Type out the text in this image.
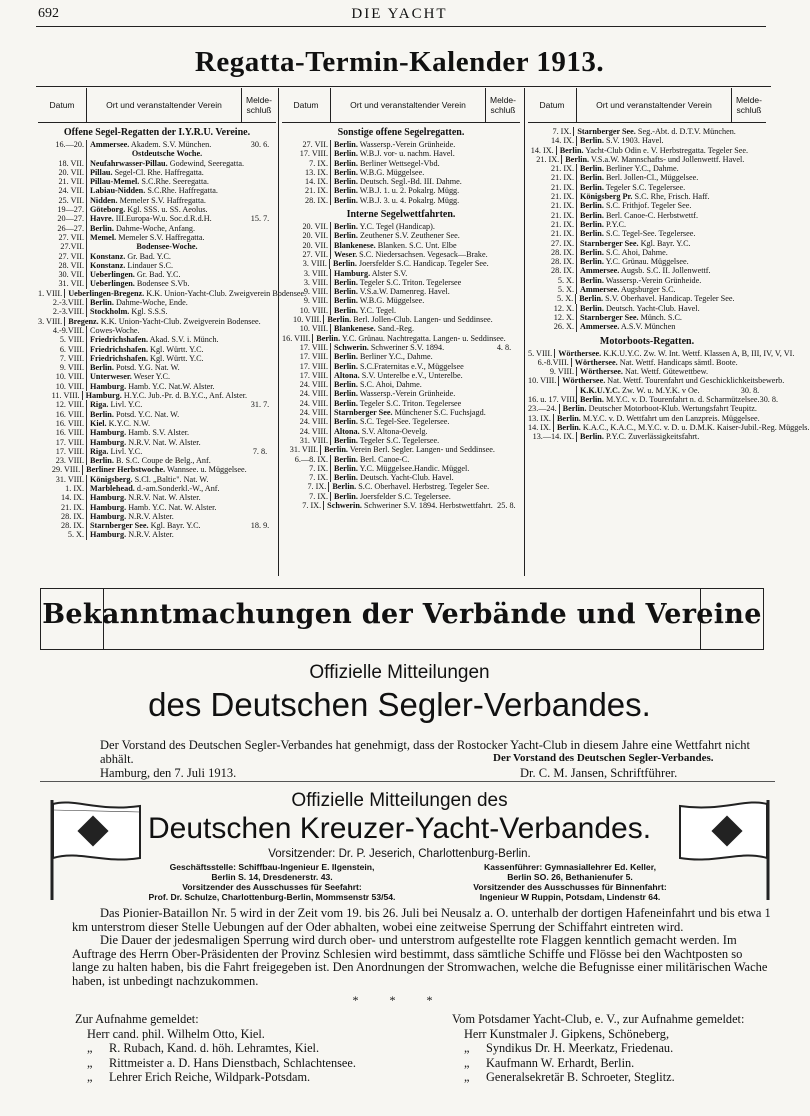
692	DIE YACHT
Regatta-Termin-Kalender 1913.
Datum	Ort und veranstaltender Verein	Melde-schluß
Offene Segel-Regatten der I.Y.R.U. Vereine.
16.—20. Ammersee. Akadem. S.V. München.	30. 6.
Ostdeutsche Woche.
18. VII. Neufahrwasser-Pillau. Godewind, Seeregatta.
20. VII. Pillau. Segel-Cl. Rhe. Haffregatta.
21. VII. Pillau-Memel. S.C.Rhe. Seeregatta.
24. VII. Labiau-Nidden. S.C.Rhe. Haffregatta.
25. VII. Nidden. Memeler S.V. Haffregatta.
19—27. Göteborg. Kgl. SSS. u. SS. Aeolus.
20—27. Havre. III.Europa-W.u. Soc.d.R.d.H.	15. 7.
26—27. Berlin. Dahme-Woche, Anfang.
27. VII. Memel. Memeler S.V. Haffregatta.
27.VII.	Bodensee-Woche.
27. VII. Konstanz. Gr. Bad. Y.C.
28. VII. Konstanz. Lindauer S.C.
30. VII. Ueberlingen. Gr. Bad. Y.C.
31. VII. Ueberlingen. Bodensee S.Vb.
1. VIII. Ueberlingen-Bregenz. K.K. Union-Yacht-Club. Zweigverein Bodensee.
2.-3.VIII. Berlin. Dahme-Woche, Ende.
2.-3.VIII. Stockholm. Kgl. S.S.S.
3. VIII. Bregenz. K.K. Union-Yacht-Club. Zweigverein Bodensee.
4.-9.VIII. Cowes-Woche.
5. VIII. Friedrichshafen. Akad. S.V. i. Münch.
6. VIII. Friedrichshafen. Kgl. Württ. Y.C.
7. VIII. Friedrichshafen. Kgl. Württ. Y.C.
9. VIII. Berlin. Potsd. Y.G. Nat. W.
10. VIII. Unterweser. Weser Y.C.
10. VIII. Hamburg. Hamb. Y.C. Nat.W. Alster.
11. VIII. Hamburg. H.Y.C. Jub.-Pr. d. B.Y.C., Anf. Alster.
12. VIII. Riga. Livl. Y.C.	31. 7.
16. VIII. Berlin. Potsd. Y.C. Nat. W.
16. VIII. Kiel. K.Y.C. N.W.
16. VIII. Hamburg. Hamb. S.V. Alster.
17. VIII. Hamburg. N.R.V. Nat. W. Alster.
17. VIII. Riga. Livl. Y.C.	7. 8.
23. VIII. Berlin. B. S.C. Coupe de Belg., Anf.
29. VIII. Berliner Herbstwoche. Wannsee. u. Müggelsee.
31. VIII. Königsberg. S.Cl. „Baltic". Nat. W.
1. IX. Marblehead. d.-am.Sonderkl.-W., Anf.
14. IX. Hamburg. N.R.V. Nat. W. Alster.
21. IX. Hamburg. Hamb. Y.C. Nat. W. Alster.
28. IX. Hamburg. N.R.V. Alster.
28. IX. Starnberger See. Kgl. Bayr. Y.C.	18. 9.
5. X. Hamburg. N.R.V. Alster.
Datum	Ort und veranstaltender Verein	Melde-schluß
Sonstige offene Segelregatten.
27. VII. Berlin. Wassersp.-Verein Grünheide.
17. VIII. Berlin. W.B.J. vor- u. nachm. Havel.
7. IX. Berlin. Berliner Wettsegel-Vbd.
13. IX. Berlin. W.B.G. Müggelsee.
14. IX. Berlin. Deutsch. Segl.-Bd. III. Dahme.
21. IX. Berlin. W.B.J. 1. u. 2. Pokalrg. Mügg.
28. IX. Berlin. W.B.J. 3. u. 4. Pokalrg. Mügg.
Interne Segelwettfahrten.
20. VII. Berlin. Y.C. Tegel (Handicap).
20. VII. Berlin. Zeuthener S.V. Zeuthener See.
20. VII. Blankenese. Blanken. S.C. Unt. Elbe
27. VII. Weser. S.C. Niedersachsen. Vegesack—Brake.
3. VIII. Berlin. Joersfelder S.C. Handicap. Tegeler See.
3. VIII. Hamburg. Alster S.V.
3. VIII. Berlin. Tegeler S.C. Triton. Tegelersee
9. VIII. Berlin. V.S.a.W. Damenreg. Havel.
9. VIII. Berlin. W.B.G. Müggelsee.
10. VIII. Berlin. Y.C. Tegel.
10. VIII. Berlin. Berl. Jollen-Club. Langen- und Seddinsee.
10. VIII. Blankenese. Sand.-Reg.
16. VIII. Berlin. Y.C. Grünau. Nachtregatta. Langen- u. Seddinsee.
17. VIII. Schwerin. Schweriner S.V. 1894.	4. 8.
17. VIII. Berlin. Berliner Y.C., Dahme.
17. VIII. Berlin. S.C.Fraternitas e.V., Müggelsee
17. VIII. Altona. S.V. Unterelbe e.V., Unterelbe.
24. VIII. Berlin. S.C. Ahoi, Dahme.
24. VIII. Berlin. Wassersp.-Verein Grünheide.
24. VIII. Berlin. Tegeler S.C. Triton. Tegelersee
24. VIII. Starnberger See. Münchener S.C. Fuchsjagd.
24. VIII. Berlin. S.C. Tegel-See. Tegelersee.
24. VIII. Altona. S.V. Altona-Oevelg.
31. VIII. Berlin. Tegeler S.C. Tegelersee.
31. VIII. Berlin. Verein Berl. Segler. Langen- und Seddinsee.
6.—8. IX. Berlin. Berl. Canoe-C.
7. IX. Berlin. Y.C. Müggelsee.Handic. Müggel.
7. IX. Berlin. Deutsch. Yacht-Club. Havel.
7. IX. Berlin. S.C. Oberhavel. Herbstreg. Tegeler See.
7. IX. Berlin. Joersfelder S.C. Tegelersee.
7. IX. Schwerin. Schweriner S.V. 1894. Herbstwettfahrt. 25. 8.
Datum	Ort und veranstaltender Verein	Melde-schluß
7. IX. Starnberger See. Seg.-Abt. d. D.T.V. München.
14. IX. Berlin. S.V. 1903. Havel.
14. IX. Berlin. Yacht-Club Odin e. V. Herbstregatta. Tegeler See.
21. IX. Berlin. V.S.a.W. Mannschafts- und Jollenwettf. Havel.
21. IX. Berlin. Berliner Y.C., Dahme.
21. IX. Berlin. Berl. Jollen-Cl., Müggelsee.
21. IX. Berlin. Tegeler S.C. Tegelersee.
21. IX. Königsberg Pr. S.C. Rhe, Frisch. Haff.
21. IX. Berlin. S.C. Frithjof. Tegeler See.
21. IX. Berlin. Berl. Canoe-C. Herbstwettf.
21. IX. Berlin. P.Y.C.
21. IX. Berlin. S.C. Tegel-See. Tegelersee.
27. IX. Starnberger See. Kgl. Bayr. Y.C.
28. IX. Berlin. S.C. Ahoi, Dahme.
28. IX. Berlin. Y.C. Grünau. Müggelsee.
28. IX. Ammersee. Augsb. S.C. II. Jollenwettf.
5. X. Berlin. Wassersp.-Verein Grünheide.
5. X. Ammersee. Augsburger S.C.
5. X. Berlin. S.V. Oberhavel. Handicap. Tegeler See.
12. X. Berlin. Deutsch. Yacht-Club. Havel.
12. X. Starnberger See. Münch. S.C.
26. X. Ammersee. A.S.V. München
Motorboots-Regatten.
5. VIII. Wörthersee. K.K.U.Y.C. Zw. W. Int. Wettf. Klassen A, B, III, IV, V, VI.
6.-8.VIII. Wörthersee. Nat. Wettf. Handicaps sämtl. Boote.
9. VIII. Wörthersee. Nat. Wettf. Gütewettbew.
10. VIII. Wörthersee. Nat. Wettf. Tourenfahrt und Geschicklichkeitsbewerb.
K.K.U.Y.C. Zw. W. u. M.Y.K. v Oe.	30. 8.
16. u. 17. VIII. Berlin. M.Y.C. v. D. Tourenfahrt n. d. Scharmützelsee. 30. 8.
23.—24. Berlin. Deutscher Motorboot-Klub. Wertungsfahrt Teupitz.
13. IX. Berlin. M.Y.C. v. D. Wettfahrt um den Lanzpreis. Müggelsee.
14. IX. Berlin. K.A.C., K.A.C., M.Y.C. v. D. u. D.M.K. Kaiser-Jubil.-Reg. Müggels.
13.—14. IX. Berlin. P.Y.C. Zuverlässigkeitsfahrt.
Bekanntmachungen der Verbände und Vereine
Offizielle Mitteilungen
des Deutschen Segler-Verbandes.
Der Vorstand des Deutschen Segler-Verbandes hat genehmigt, dass der Rostocker Yacht-Club in diesem Jahre eine Wettfahrt nicht abhält.
Hamburg, den 7. Juli 1913.
Der Vorstand des Deutschen Segler-Verbandes.
Dr. C. M. Jansen, Schriftführer.
Offizielle Mitteilungen des
Deutschen Kreuzer-Yacht-Verbandes.
Vorsitzender: Dr. P. Jeserich, Charlottenburg-Berlin.
Geschäftsstelle: Schiffbau-Ingenieur E. Ilgenstein,
Berlin S. 14, Dresdenerstr. 43.
Vorsitzender des Ausschusses für Seefahrt:
Prof. Dr. Schulze, Charlottenburg-Berlin, Mommsenstr 53/54.
Kassenführer: Gymnasiallehrer Ed. Keller,
Berlin SO. 26, Bethanienufer 5.
Vorsitzender des Ausschusses für Binnenfahrt:
Ingenieur W Ruppin, Potsdam, Lindenstr 64.
Das Pionier-Bataillon Nr. 5 wird in der Zeit vom 19. bis 26. Juli bei Neusalz a. O. unterhalb der dortigen Hafeneinfahrt und bis etwa 1 km unterstrom dieser Stelle Uebungen auf der Oder abhalten, wobei eine zeitweise Sperrung der Schiffahrt eintreten wird.
Die Dauer der jedesmaligen Sperrung wird durch ober- und unterstrom aufgestellte rote Flaggen kenntlich gemacht werden. Im Auftrage des Herrn Ober-Präsidenten der Provinz Schlesien wird bestimmt, dass sämtliche Schiffe und Flösse bei den Wachtposten so lange zu halten haben, bis die Fahrt freigegeben ist. Den Anordnungen der Stromwachen, welche die Befugnisse einer militärischen Wache haben, ist unbedingt nachzukommen.
* * *
Zur Aufnahme gemeldet:
Herr cand. phil. Wilhelm Otto, Kiel.
„ R. Rubach, Kand. d. höh. Lehramtes, Kiel.
„ Rittmeister a. D. Hans Dienstbach, Schlachtensee.
„ Lehrer Erich Reiche, Wildpark-Potsdam.
Vom Potsdamer Yacht-Club, e. V., zur Aufnahme gemeldet:
Herr Kunstmaler J. Gipkens, Schöneberg,
„ Syndikus Dr. H. Meerkatz, Friedenau.
„ Kaufmann W. Erhardt, Berlin.
„ Generalsekretär B. Schroeter, Steglitz.
